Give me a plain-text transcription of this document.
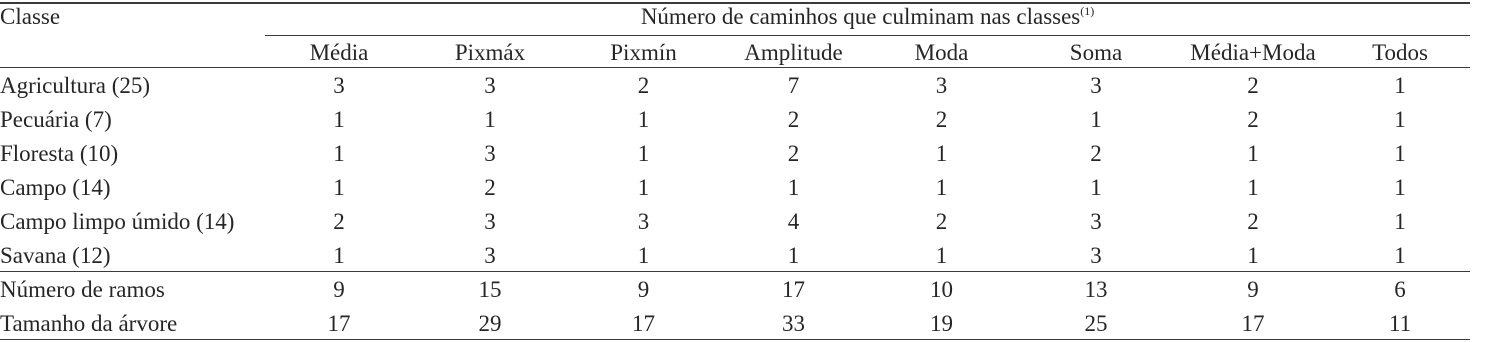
Classe	Número de caminhos que culminam nas classes$^{(1)}$
	Média	Pixmáx	Pixmín	Amplitude	Moda	Soma	Média+Moda	Todos
Agricultura (25)	3	3	2	7	3	3	2	1
Pecuária (7)	1	1	1	2	2	1	2	1
Floresta (10)	1	3	1	2	1	2	1	1
Campo (14)	1	2	1	1	1	1	1	1
Campo limpo úmido (14)	2	3	3	4	2	3	2	1
Savana (12)	1	3	1	1	1	3	1	1
Número de ramos	9	15	9	17	10	13	9	6
Tamanho da árvore	17	29	17	33	19	25	17	11
